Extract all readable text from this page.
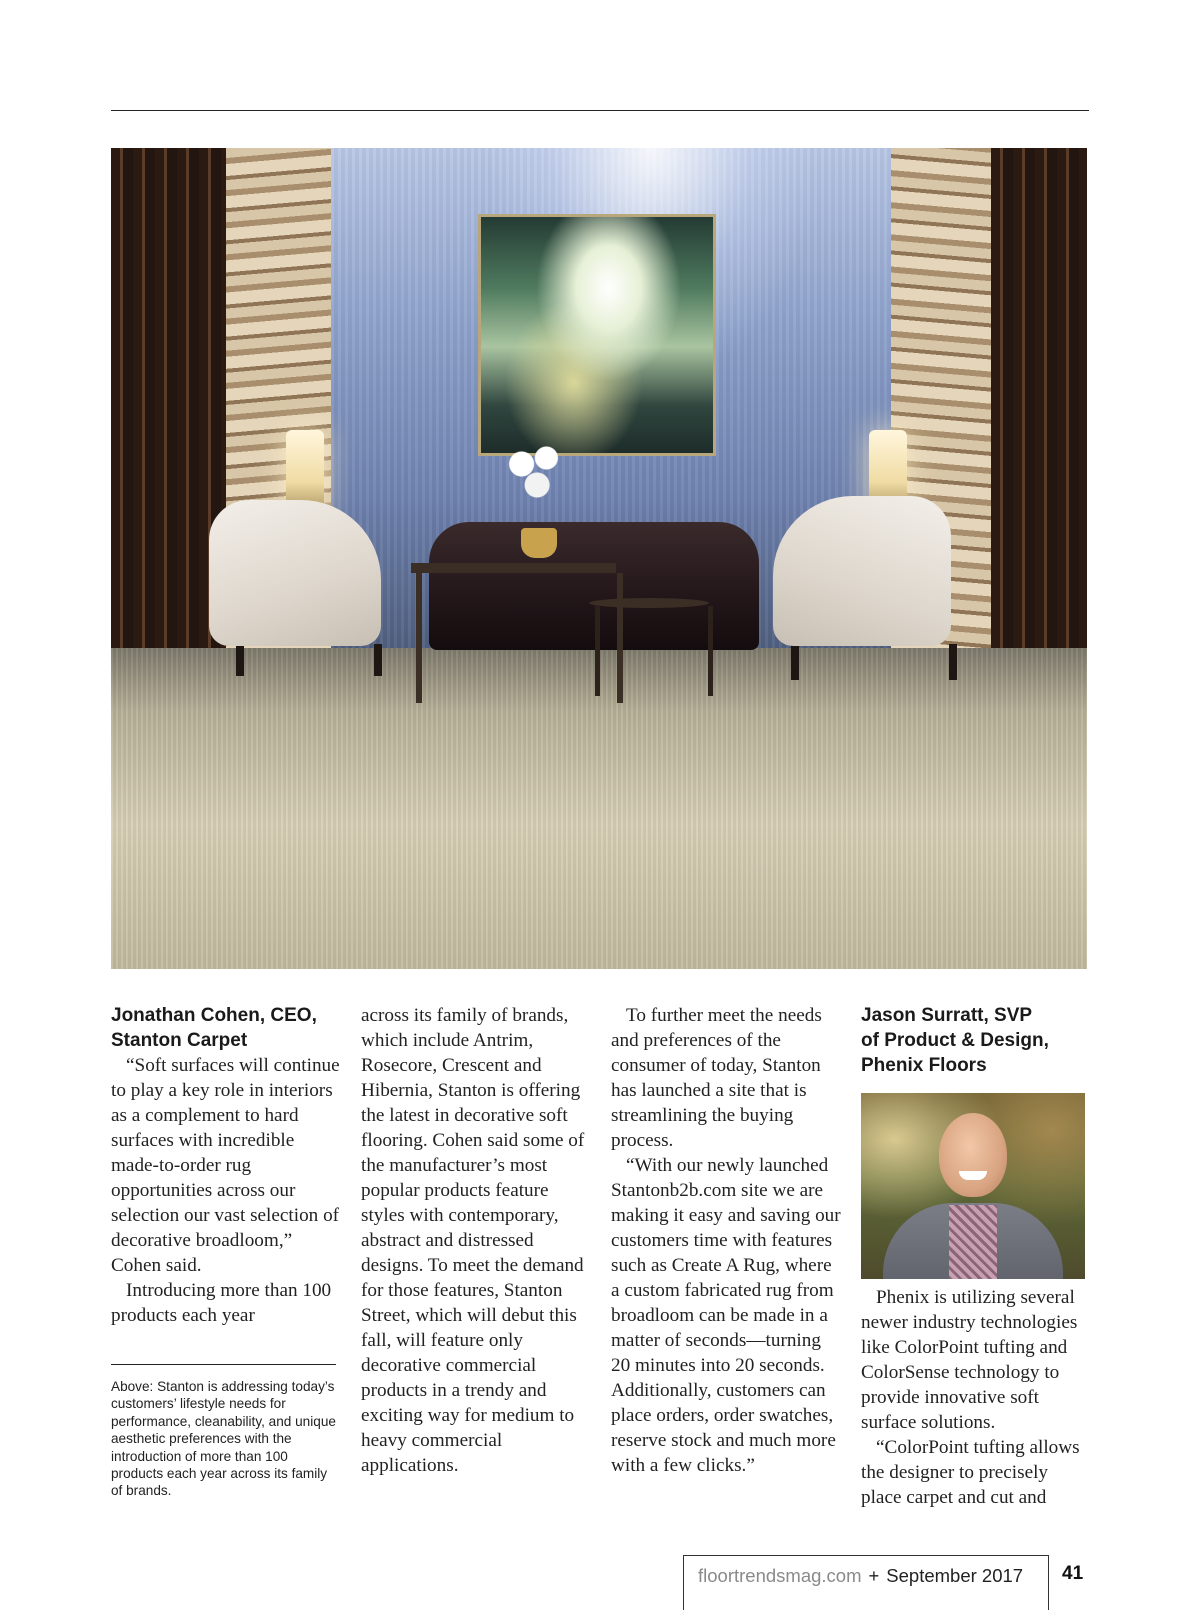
Jonathan Cohen, CEO,
Stanton Carpet

“Soft surfaces will continue to play a key role in interiors as a complement to hard surfaces with incredible made-to-order rug opportunities across our selection our vast selection of decorative broadloom,” Cohen said.

Introducing more than 100 products each year

Above: Stanton is addressing today’s customers’ lifestyle needs for performance, cleanability, and unique aesthetic preferences with the introduction of more than 100 products each year across its family of brands.

across its family of brands, which include Antrim, Rosecore, Crescent and Hibernia, Stanton is offering the latest in decorative soft flooring. Cohen said some of the manufacturer’s most popular products feature styles with contemporary, abstract and distressed designs. To meet the demand for those features, Stanton Street, which will debut this fall, will feature only decorative commercial products in a trendy and exciting way for medium to heavy commercial applications.

To further meet the needs and preferences of the consumer of today, Stanton has launched a site that is streamlining the buying process.

“With our newly launched Stantonb2b.com site we are making it easy and saving our customers time with features such as Create A Rug, where a custom fabricated rug from broadloom can be made in a matter of seconds—turning 20 minutes into 20 seconds. Additionally, customers can place orders, order swatches, reserve stock and much more with a few clicks.”

Jason Surratt, SVP
of Product & Design,
Phenix Floors

Phenix is utilizing several newer industry technologies like ColorPoint tufting and ColorSense technology to provide innovative soft surface solutions.

“ColorPoint tufting allows the designer to precisely place carpet and cut and

floortrendsmag.com + September 2017 41
